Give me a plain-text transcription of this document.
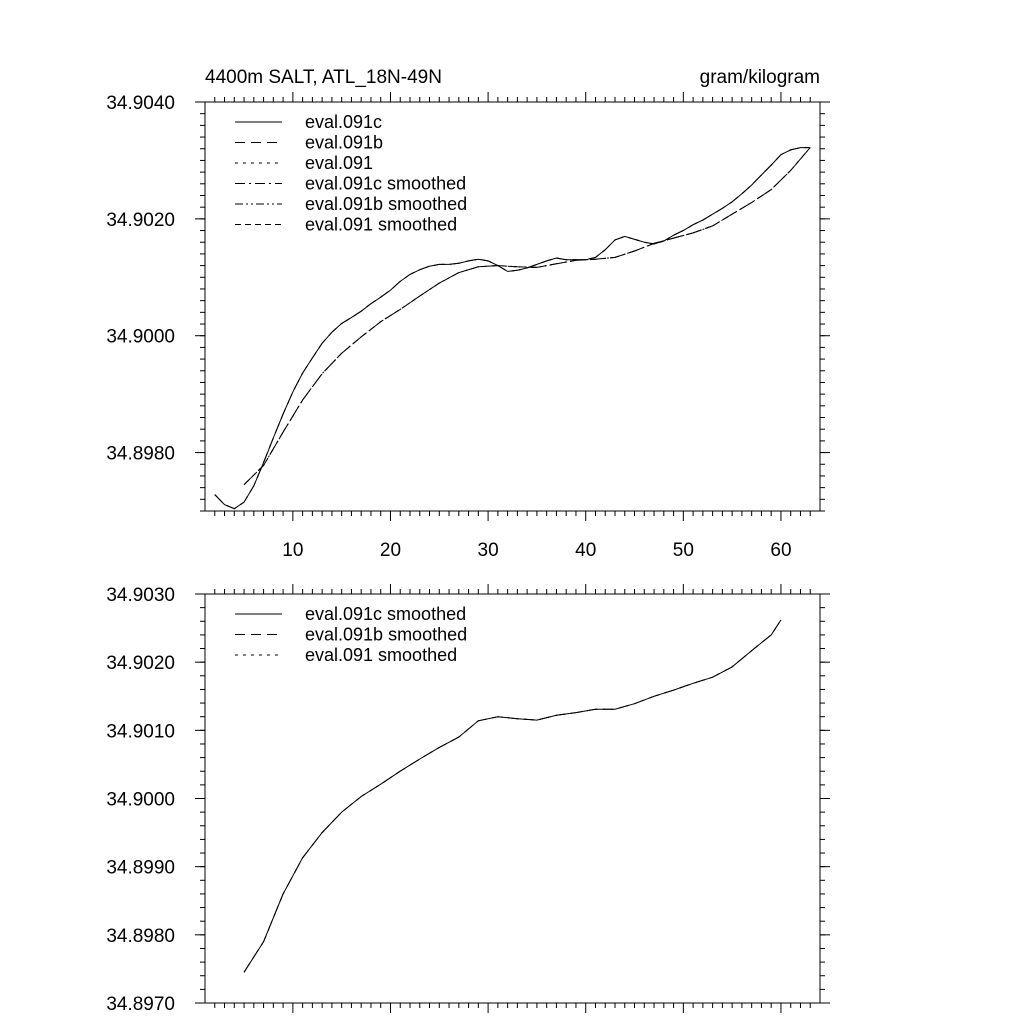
4400m SALT, ATL_18N-49N	gram/kilogram
10	20	30	40	50	60
34.9040
34.9020
34.9000
34.8980
eval.091c
eval.091b
eval.091
eval.091c smoothed
eval.091b smoothed
eval.091 smoothed
34.9030
34.9020
34.9010
34.9000
34.8990
34.8980
34.8970
eval.091c smoothed
eval.091b smoothed
eval.091 smoothed
